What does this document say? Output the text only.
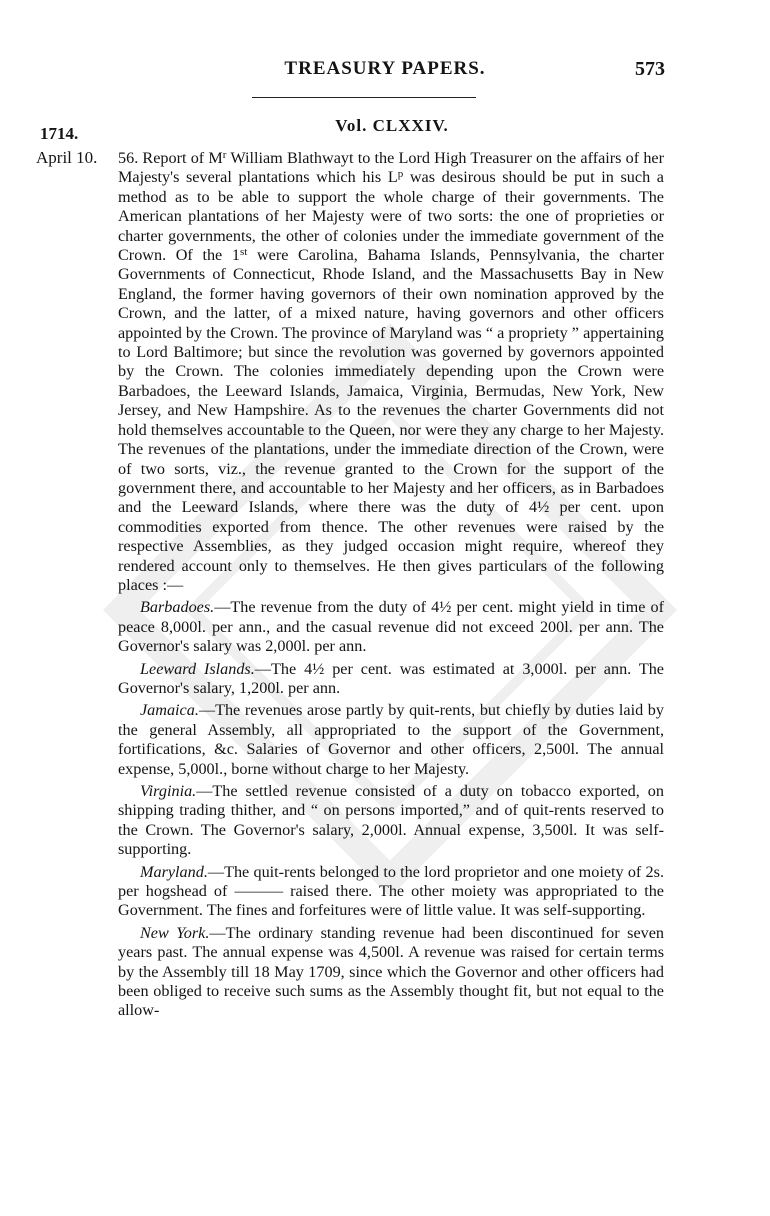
TREASURY PAPERS.	573
1714.
April 10.
Vol. CLXXIV.

56. Report of $M^r$ William Blathwayt to the Lord High Treasurer on the affairs of her Majesty's several plantations which his $L^p$ was desirous should be put in such a method as to be able to support the whole charge of their governments. The American plantations of her Majesty were of two sorts: the one of proprieties or charter governments, the other of colonies under the immediate government of the Crown. Of the 1st were Carolina, Bahama Islands, Pennsylvania, the charter Governments of Connecticut, Rhode Island, and the Massachusetts Bay in New England, the former having governors of their own nomination approved by the Crown, and the latter, of a mixed nature, having governors and other officers appointed by the Crown. The province of Maryland was “ a propriety ” appertaining to Lord Baltimore; but since the revolution was governed by governors appointed by the Crown. The colonies immediately depending upon the Crown were Barbadoes, the Leeward Islands, Jamaica, Virginia, Bermudas, New York, New Jersey, and New Hampshire. As to the revenues the charter Governments did not hold themselves accountable to the Queen, nor were they any charge to her Majesty. The revenues of the plantations, under the immediate direction of the Crown, were of two sorts, viz., the revenue granted to the Crown for the support of the government there, and accountable to her Majesty and her officers, as in Barbadoes and the Leeward Islands, where there was the duty of 4½ per cent. upon commodities exported from thence. The other revenues were raised by the respective Assemblies, as they judged occasion might require, whereof they rendered account only to themselves. He then gives particulars of the following places :—

Barbadoes.—The revenue from the duty of 4½ per cent. might yield in time of peace 8,000l. per ann., and the casual revenue did not exceed 200l. per ann. The Governor's salary was 2,000l. per ann.

Leeward Islands.—The 4½ per cent. was estimated at 3,000l. per ann. The Governor's salary, 1,200l. per ann.

Jamaica.—The revenues arose partly by quit-rents, but chiefly by duties laid by the general Assembly, all appropriated to the support of the Government, fortifications, &c. Salaries of Governor and other officers, 2,500l. The annual expense, 5,000l., borne without charge to her Majesty.

Virginia.—The settled revenue consisted of a duty on tobacco exported, on shipping trading thither, and “ on persons imported,” and of quit-rents reserved to the Crown. The Governor's salary, 2,000l. Annual expense, 3,500l. It was self-supporting.

Maryland.—The quit-rents belonged to the lord proprietor and one moiety of 2s. per hogshead of ——— raised there. The other moiety was appropriated to the Government. The fines and forfeitures were of little value. It was self-supporting.

New York.—The ordinary standing revenue had been discontinued for seven years past. The annual expense was 4,500l. A revenue was raised for certain terms by the Assembly till 18 May 1709, since which the Governor and other officers had been obliged to receive such sums as the Assembly thought fit, but not equal to the allow-
